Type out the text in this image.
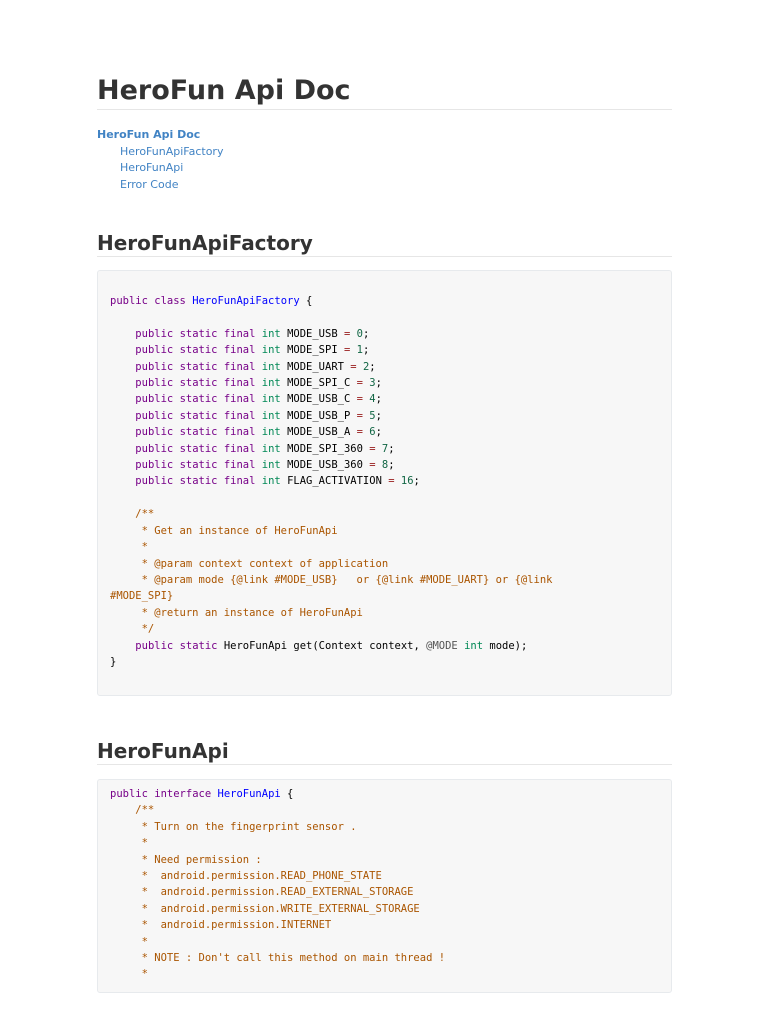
HeroFun Api Doc
HeroFun Api Doc
HeroFunApiFactory
HeroFunApi
Error Code
HeroFunApiFactory
public class HeroFunApiFactory {

public static final int MODE_USB = 0;
public static final int MODE_SPI = 1;
public static final int MODE_UART = 2;
public static final int MODE_SPI_C = 3;
public static final int MODE_USB_C = 4;
public static final int MODE_USB_P = 5;
public static final int MODE_USB_A = 6;
public static final int MODE_SPI_360 = 7;
public static final int MODE_USB_360 = 8;
public static final int FLAG_ACTIVATION = 16;

/**
* Get an instance of HeroFunApi
*
* @param context context of application
* @param mode {@link #MODE_USB}   or {@link #MODE_UART} or {@link
#MODE_SPI}
* @return an instance of HeroFunApi
*/
public static HeroFunApi get(Context context, @MODE int mode);
}
HeroFunApi
public interface HeroFunApi {
/**
* Turn on the fingerprint sensor .
*
* Need permission :
*  android.permission.READ_PHONE_STATE
*  android.permission.READ_EXTERNAL_STORAGE
*  android.permission.WRITE_EXTERNAL_STORAGE
*  android.permission.INTERNET
*
* NOTE : Don't call this method on main thread !
*
